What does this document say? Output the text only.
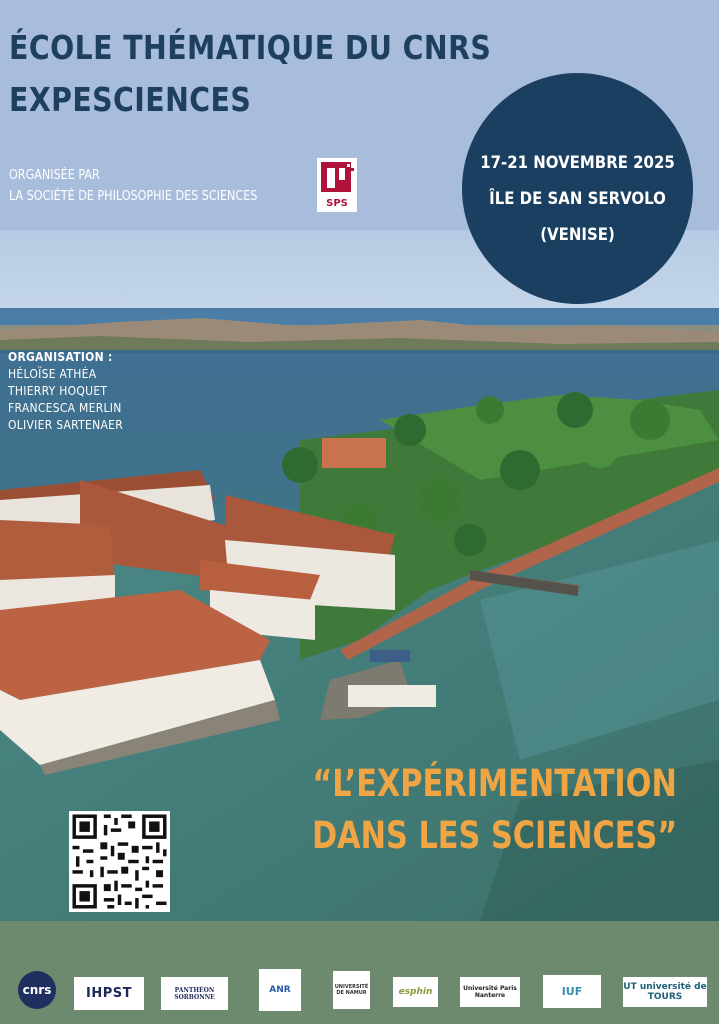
ÉCOLE THÉMATIQUE DU CNRS
EXPESCIENCES
ORGANISÉE PAR
LA SOCIÉTÉ DE PHILOSOPHIE DES SCIENCES	SPS
17-21 NOVEMBRE 2025
ÎLE DE SAN SERVOLO
(VENISE)
ORGANISATION :
HÉLOÏSE ATHÉA
THIERRY HOQUET
FRANCESCA MERLIN
OLIVIER SARTENAER
“L’EXPÉRIMENTATION
DANS LES SCIENCES”
cnrs	IHPST	PANTHÉON SORBONNE
ANR	UNIVERSITÉ DE NAMUR	esphin	Université Paris Nanterre	IUF	UT université de TOURS
